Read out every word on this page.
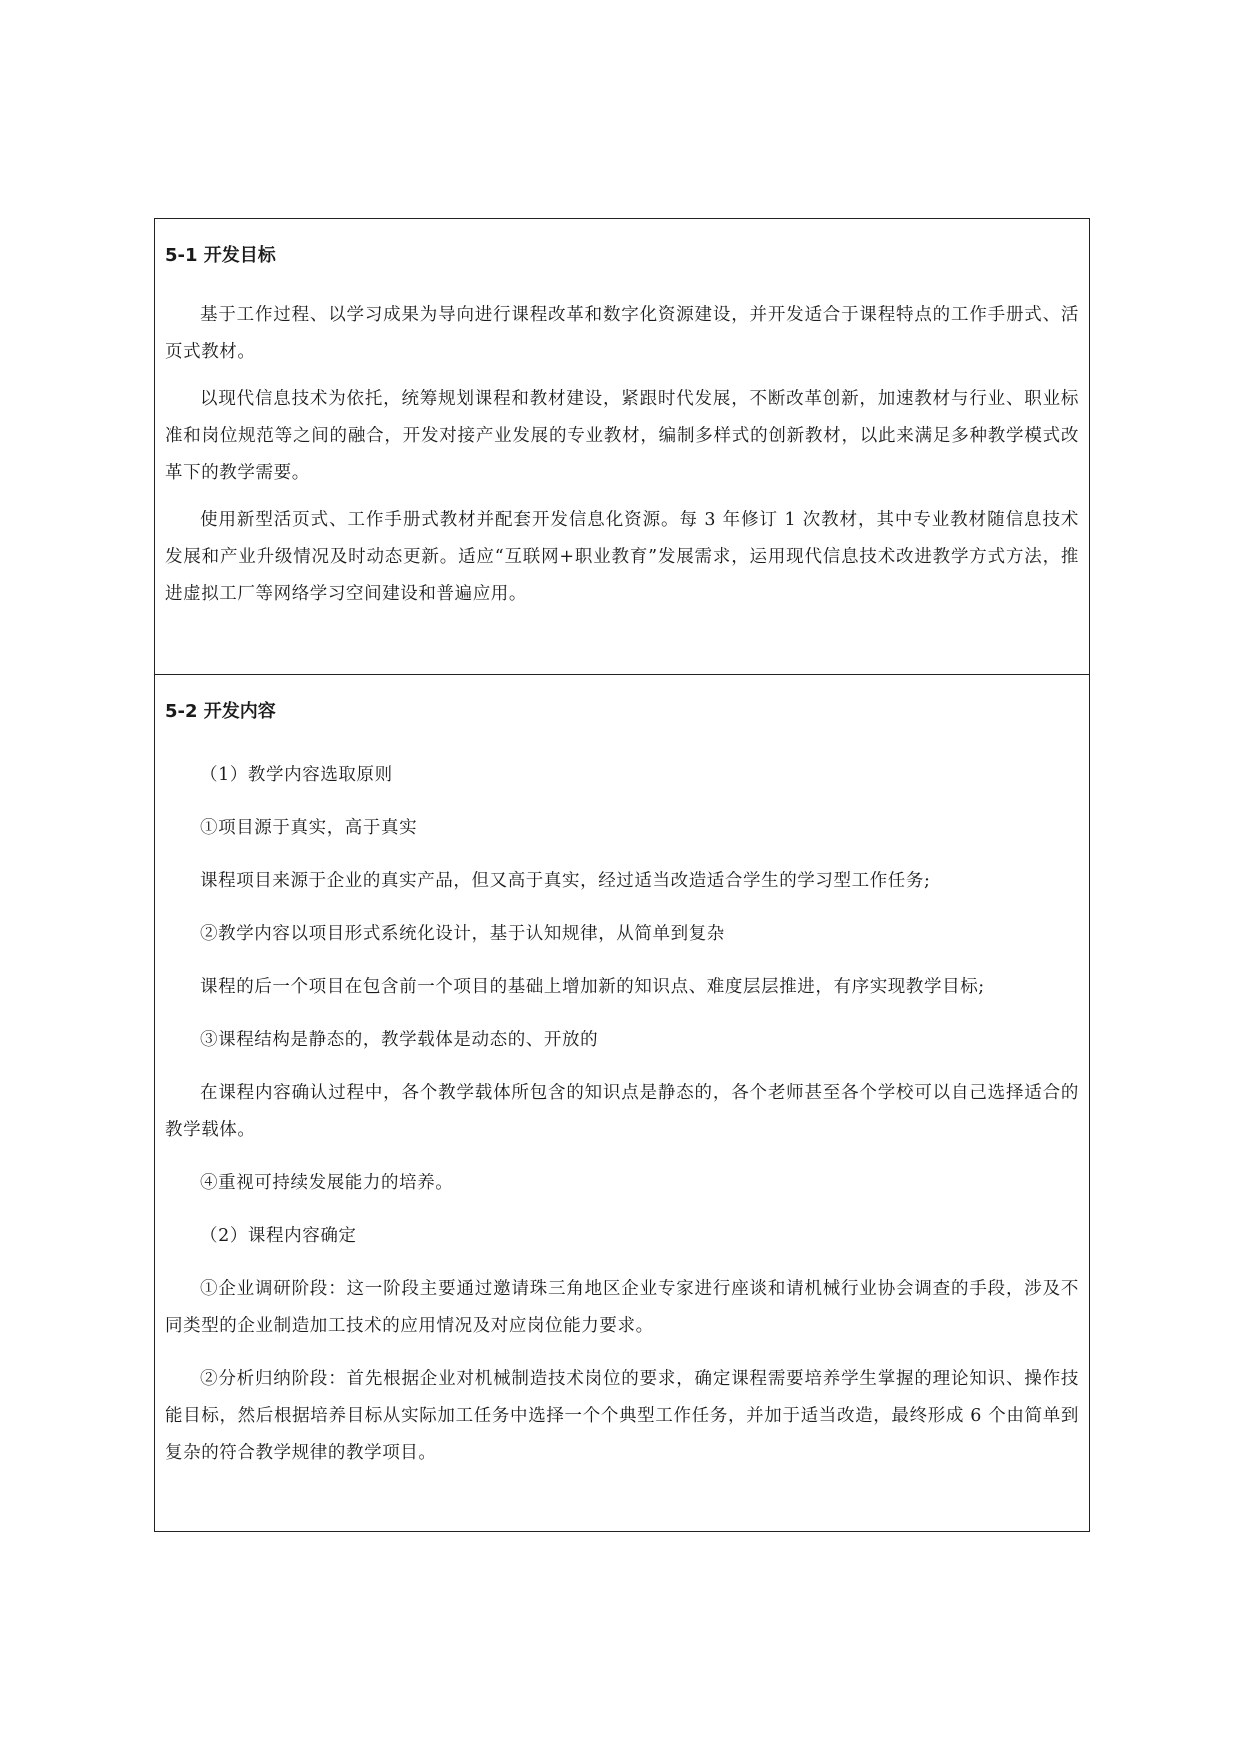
5-1 开发目标

基于工作过程、以学习成果为导向进行课程改革和数字化资源建设，并开发适合于课程特点的工作手册式、活页式教材。

以现代信息技术为依托，统筹规划课程和教材建设，紧跟时代发展，不断改革创新，加速教材与行业、职业标准和岗位规范等之间的融合，开发对接产业发展的专业教材，编制多样式的创新教材，以此来满足多种教学模式改革下的教学需要。

使用新型活页式、工作手册式教材并配套开发信息化资源。每 3 年修订 1 次教材，其中专业教材随信息技术发展和产业升级情况及时动态更新。适应“互联网+职业教育”发展需求，运用现代信息技术改进教学方式方法，推进虚拟工厂等网络学习空间建设和普遍应用。

5-2 开发内容

（1）教学内容选取原则

①项目源于真实，高于真实

课程项目来源于企业的真实产品，但又高于真实，经过适当改造适合学生的学习型工作任务;

②教学内容以项目形式系统化设计，基于认知规律，从简单到复杂

课程的后一个项目在包含前一个项目的基础上增加新的知识点、难度层层推进，有序实现教学目标;

③课程结构是静态的，教学载体是动态的、开放的

在课程内容确认过程中，各个教学载体所包含的知识点是静态的，各个老师甚至各个学校可以自己选择适合的教学载体。

④重视可持续发展能力的培养。

（2）课程内容确定

①企业调研阶段：这一阶段主要通过邀请珠三角地区企业专家进行座谈和请机械行业协会调查的手段，涉及不同类型的企业制造加工技术的应用情况及对应岗位能力要求。

②分析归纳阶段：首先根据企业对机械制造技术岗位的要求，确定课程需要培养学生掌握的理论知识、操作技能目标，然后根据培养目标从实际加工任务中选择一个个典型工作任务，并加于适当改造，最终形成 6 个由简单到复杂的符合教学规律的教学项目。
